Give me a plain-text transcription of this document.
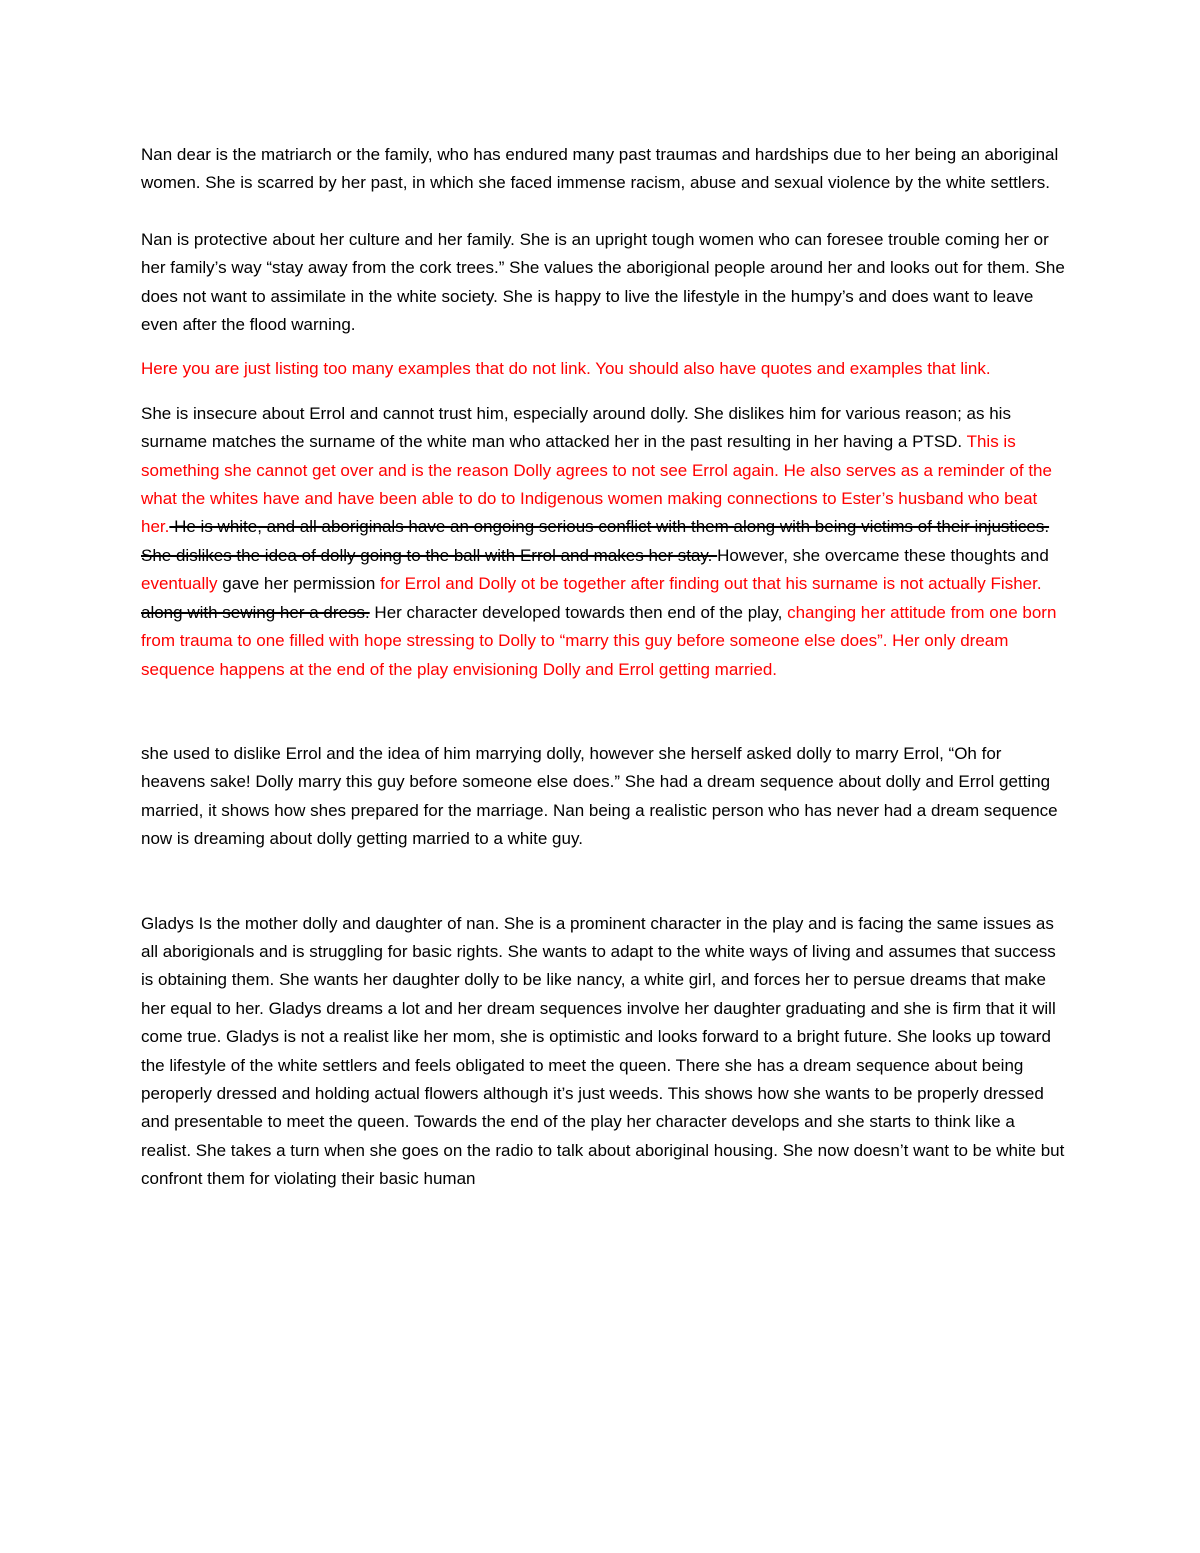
Nan dear is the matriarch or the family, who has endured many past traumas and hardships due to her being an aboriginal women. She is scarred by her past, in which she faced immense racism, abuse and sexual violence by the white settlers.

Nan is protective about her culture and her family. She is an upright tough women who can foresee trouble coming her or her family’s way “stay away from the cork trees.” She values the aborigional people around her and looks out for them. She does not want to assimilate in the white society. She is happy to live the lifestyle in the humpy’s and does want to leave even after the flood warning.

Here you are just listing too many examples that do not link. You should also have quotes and examples that link.

She is insecure about Errol and cannot trust him, especially around dolly. She dislikes him for various reason; as his surname matches the surname of the white man who attacked her in the past resulting in her having a PTSD. This is something she cannot get over and is the reason Dolly agrees to not see Errol again. He also serves as a reminder of the what the whites have and have been able to do to Indigenous women making connections to Ester’s husband who beat her. He is white, and all aboriginals have an ongoing serious conflict with them along with being victims of their injustices. She dislikes the idea of dolly going to the ball with Errol and makes her stay. However, she overcame these thoughts and eventually gave her permission for Errol and Dolly ot be together after finding out that his surname is not actually Fisher. along with sewing her a dress. Her character developed towards then end of the play, changing her attitude from one born from trauma to one filled with hope stressing to Dolly to “marry this guy before someone else does”. Her only dream sequence happens at the end of the play envisioning Dolly and Errol getting married.

she used to dislike Errol and the idea of him marrying dolly, however she herself asked dolly to marry Errol, “Oh for heavens sake! Dolly marry this guy before someone else does.” She had a dream sequence about dolly and Errol getting married, it shows how shes prepared for the marriage. Nan being a realistic person who has never had a dream sequence now is dreaming about dolly getting married to a white guy.

Gladys Is the mother dolly and daughter of nan. She is a prominent character in the play and is facing the same issues as all aborigionals and is struggling for basic rights. She wants to adapt to the white ways of living and assumes that success is obtaining them. She wants her daughter dolly to be like nancy, a white girl, and forces her to persue dreams that make her equal to her. Gladys dreams a lot and her dream sequences involve her daughter graduating and she is firm that it will come true. Gladys is not a realist like her mom, she is optimistic and looks forward to a bright future. She looks up toward the lifestyle of the white settlers and feels obligated to meet the queen. There she has a dream sequence about being peroperly dressed and holding actual flowers although it’s just weeds. This shows how she wants to be properly dressed and presentable to meet the queen. Towards the end of the play her character develops and she starts to think like a realist. She takes a turn when she goes on the radio to talk about aboriginal housing. She now doesn’t want to be white but confront them for violating their basic human
